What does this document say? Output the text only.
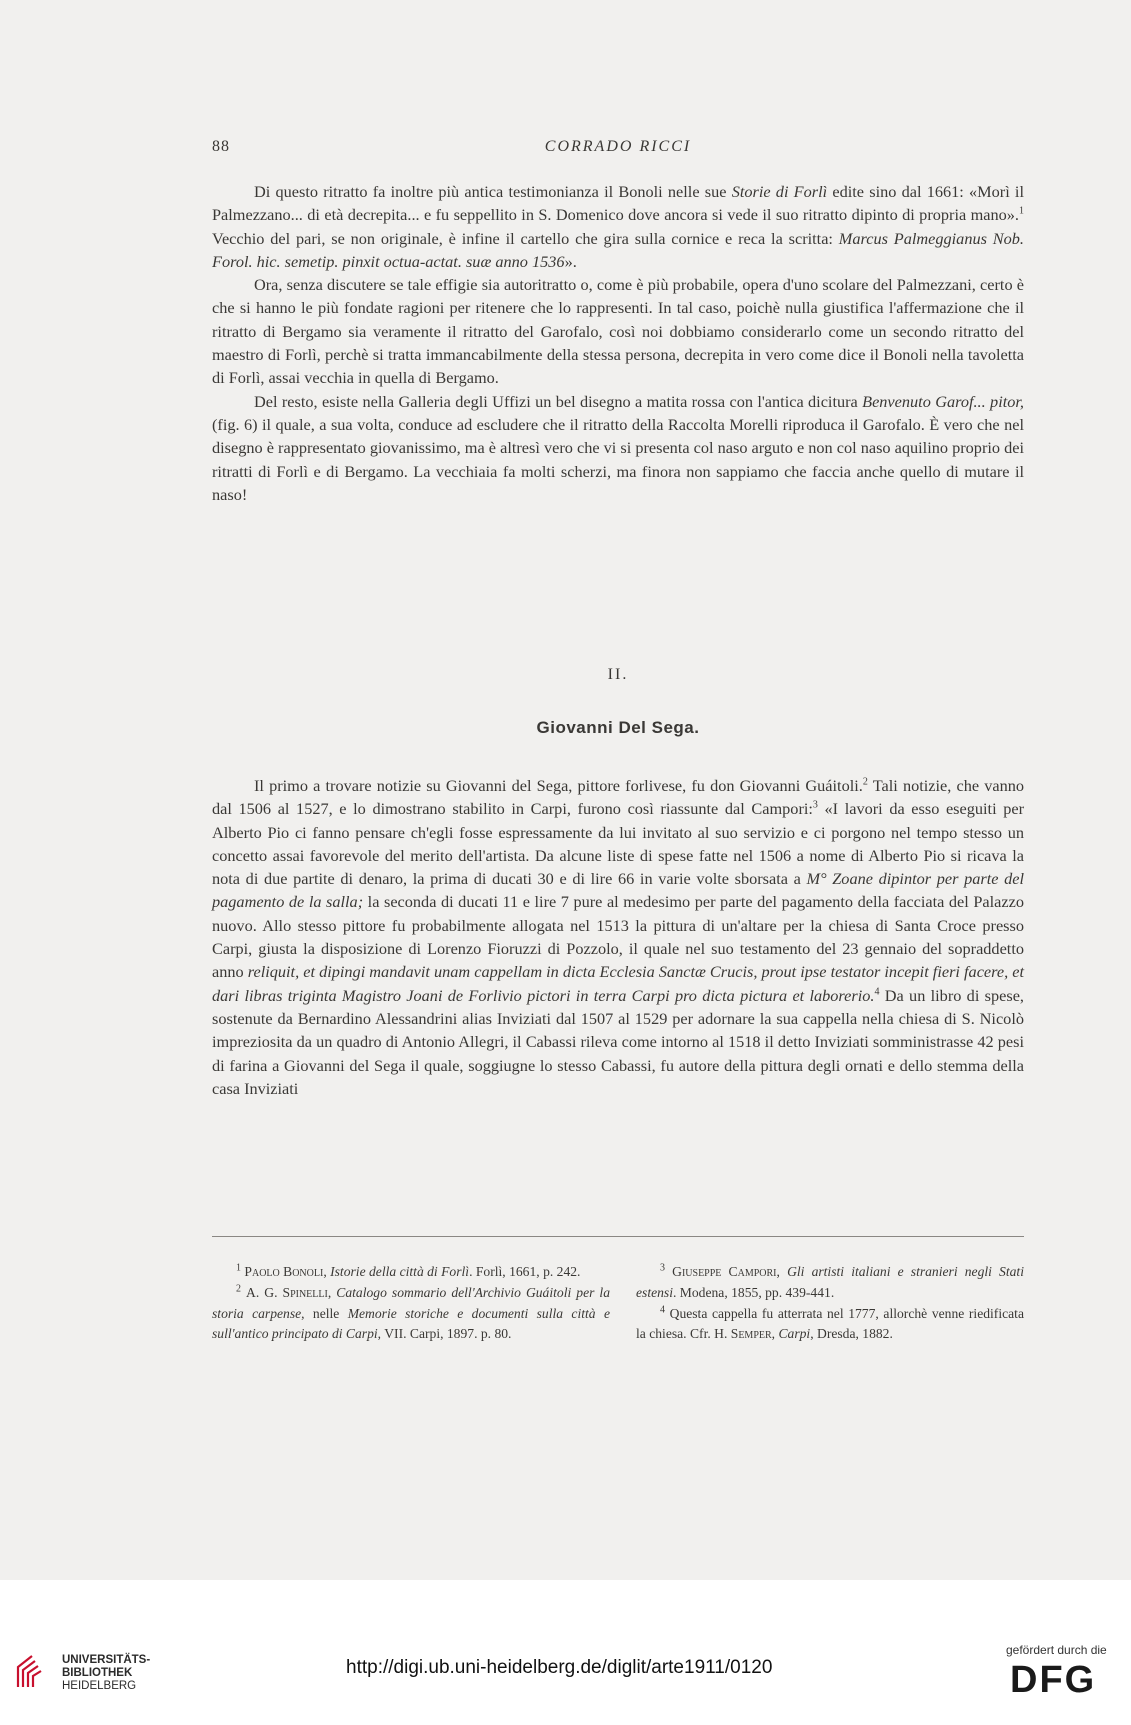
88	CORRADO RICCI

Di questo ritratto fa inoltre più antica testimonianza il Bonoli nelle sue Storie di Forlì edite sino dal 1661: «Morì il Palmezzano... di età decrepita... e fu seppellito in S. Domenico dove ancora si vede il suo ritratto dipinto di propria mano».$^1$ Vecchio del pari, se non originale, è infine il cartello che gira sulla cornice e reca la scritta: Marcus Palmeggianus Nob. Forol. hic. semetip. pinxit octua-actat. suæ anno 1536».

Ora, senza discutere se tale effigie sia autoritratto o, come è più probabile, opera d'uno scolare del Palmezzani, certo è che si hanno le più fondate ragioni per ritenere che lo rappresenti. In tal caso, poichè nulla giustifica l'affermazione che il ritratto di Bergamo sia veramente il ritratto del Garofalo, così noi dobbiamo considerarlo come un secondo ritratto del maestro di Forlì, perchè si tratta immancabilmente della stessa persona, decrepita in vero come dice il Bonoli nella tavoletta di Forlì, assai vecchia in quella di Bergamo.

Del resto, esiste nella Galleria degli Uffizi un bel disegno a matita rossa con l'antica dicitura Benvenuto Garof... pitor, (fig. 6) il quale, a sua volta, conduce ad escludere che il ritratto della Raccolta Morelli riproduca il Garofalo. È vero che nel disegno è rappresentato giovanissimo, ma è altresì vero che vi si presenta col naso arguto e non col naso aquilino proprio dei ritratti di Forlì e di Bergamo. La vecchiaia fa molti scherzi, ma finora non sappiamo che faccia anche quello di mutare il naso!

II.
Giovanni Del Sega.

Il primo a trovare notizie su Giovanni del Sega, pittore forlivese, fu don Giovanni Guáitoli.$^2$ Tali notizie, che vanno dal 1506 al 1527, e lo dimostrano stabilito in Carpi, furono così riassunte dal Campori:$^3$ «I lavori da esso eseguiti per Alberto Pio ci fanno pensare ch'egli fosse espressamente da lui invitato al suo servizio e ci porgono nel tempo stesso un concetto assai favorevole del merito dell'artista. Da alcune liste di spese fatte nel 1506 a nome di Alberto Pio si ricava la nota di due partite di denaro, la prima di ducati 30 e di lire 66 in varie volte sborsata a M° Zoane dipintor per parte del pagamento de la salla; la seconda di ducati 11 e lire 7 pure al medesimo per parte del pagamento della facciata del Palazzo nuovo. Allo stesso pittore fu probabilmente allogata nel 1513 la pittura di un'altare per la chiesa di Santa Croce presso Carpi, giusta la disposizione di Lorenzo Fioruzzi di Pozzolo, il quale nel suo testamento del 23 gennaio del sopraddetto anno reliquit, et dipingi mandavit unam cappellam in dicta Ecclesia Sanctæ Crucis, prout ipse testator incepit fieri facere, et dari libras triginta Magistro Joani de Forlivio pictori in terra Carpi pro dicta pictura et laborerio.$^4$ Da un libro di spese, sostenute da Bernardino Alessandrini alias Inviziati dal 1507 al 1529 per adornare la sua cappella nella chiesa di S. Nicolò impreziosita da un quadro di Antonio Allegri, il Cabassi rileva come intorno al 1518 il detto Inviziati somministrasse 42 pesi di farina a Giovanni del Sega il quale, soggiugne lo stesso Cabassi, fu autore della pittura degli ornati e dello stemma della casa Inviziati

$^1$ Paolo Bonoli, Istorie della città di Forlì. Forlì, 1661, p. 242.

$^2$ A. G. Spinelli, Catalogo sommario dell'Archivio Guáitoli per la storia carpense, nelle Memorie storiche e documenti sulla città e sull'antico principato di Carpi, VII. Carpi, 1897. p. 80.

$^3$ Giuseppe Campori, Gli artisti italiani e stranieri negli Stati estensi. Modena, 1855, pp. 439-441.

$^4$ Questa cappella fu atterrata nel 1777, allorchè venne riedificata la chiesa. Cfr. H. Semper, Carpi, Dresda, 1882.

UNIVERSITÄTS-
BIBLIOTHEK
HEIDELBERG
http://digi.ub.uni-heidelberg.de/diglit/arte1911/0120
gefördert durch die
DFG
